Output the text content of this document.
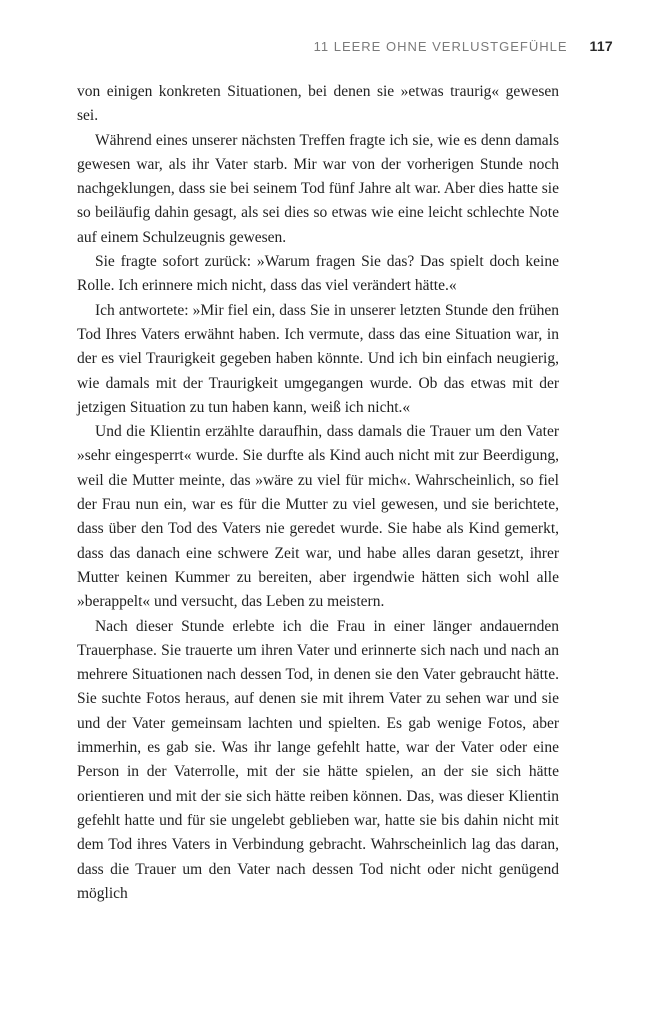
11 LEERE OHNE VERLUSTGEFÜHLE 117

von einigen konkreten Situationen, bei denen sie »etwas traurig« gewesen sei.

Während eines unserer nächsten Treffen fragte ich sie, wie es denn damals gewesen war, als ihr Vater starb. Mir war von der vorherigen Stunde noch nachgeklungen, dass sie bei seinem Tod fünf Jahre alt war. Aber dies hatte sie so beiläufig dahin gesagt, als sei dies so etwas wie eine leicht schlechte Note auf einem Schulzeugnis gewesen.

Sie fragte sofort zurück: »Warum fragen Sie das? Das spielt doch keine Rolle. Ich erinnere mich nicht, dass das viel verändert hätte.«

Ich antwortete: »Mir fiel ein, dass Sie in unserer letzten Stunde den frühen Tod Ihres Vaters erwähnt haben. Ich vermute, dass das eine Situation war, in der es viel Traurigkeit gegeben haben könnte. Und ich bin einfach neugierig, wie damals mit der Traurigkeit umgegangen wurde. Ob das etwas mit der jetzigen Situation zu tun haben kann, weiß ich nicht.«

Und die Klientin erzählte daraufhin, dass damals die Trauer um den Vater »sehr eingesperrt« wurde. Sie durfte als Kind auch nicht mit zur Beerdigung, weil die Mutter meinte, das »wäre zu viel für mich«. Wahrscheinlich, so fiel der Frau nun ein, war es für die Mutter zu viel gewesen, und sie berichtete, dass über den Tod des Vaters nie geredet wurde. Sie habe als Kind gemerkt, dass das danach eine schwere Zeit war, und habe alles daran gesetzt, ihrer Mutter keinen Kummer zu bereiten, aber irgendwie hätten sich wohl alle »berappelt« und versucht, das Leben zu meistern.

Nach dieser Stunde erlebte ich die Frau in einer länger andauernden Trauerphase. Sie trauerte um ihren Vater und erinnerte sich nach und nach an mehrere Situationen nach dessen Tod, in denen sie den Vater gebraucht hätte. Sie suchte Fotos heraus, auf denen sie mit ihrem Vater zu sehen war und sie und der Vater gemeinsam lachten und spielten. Es gab wenige Fotos, aber immerhin, es gab sie. Was ihr lange gefehlt hatte, war der Vater oder eine Person in der Vaterrolle, mit der sie hätte spielen, an der sie sich hätte orientieren und mit der sie sich hätte reiben können. Das, was dieser Klientin gefehlt hatte und für sie ungelebt geblieben war, hatte sie bis dahin nicht mit dem Tod ihres Vaters in Verbindung gebracht. Wahrscheinlich lag das daran, dass die Trauer um den Vater nach dessen Tod nicht oder nicht genügend möglich
